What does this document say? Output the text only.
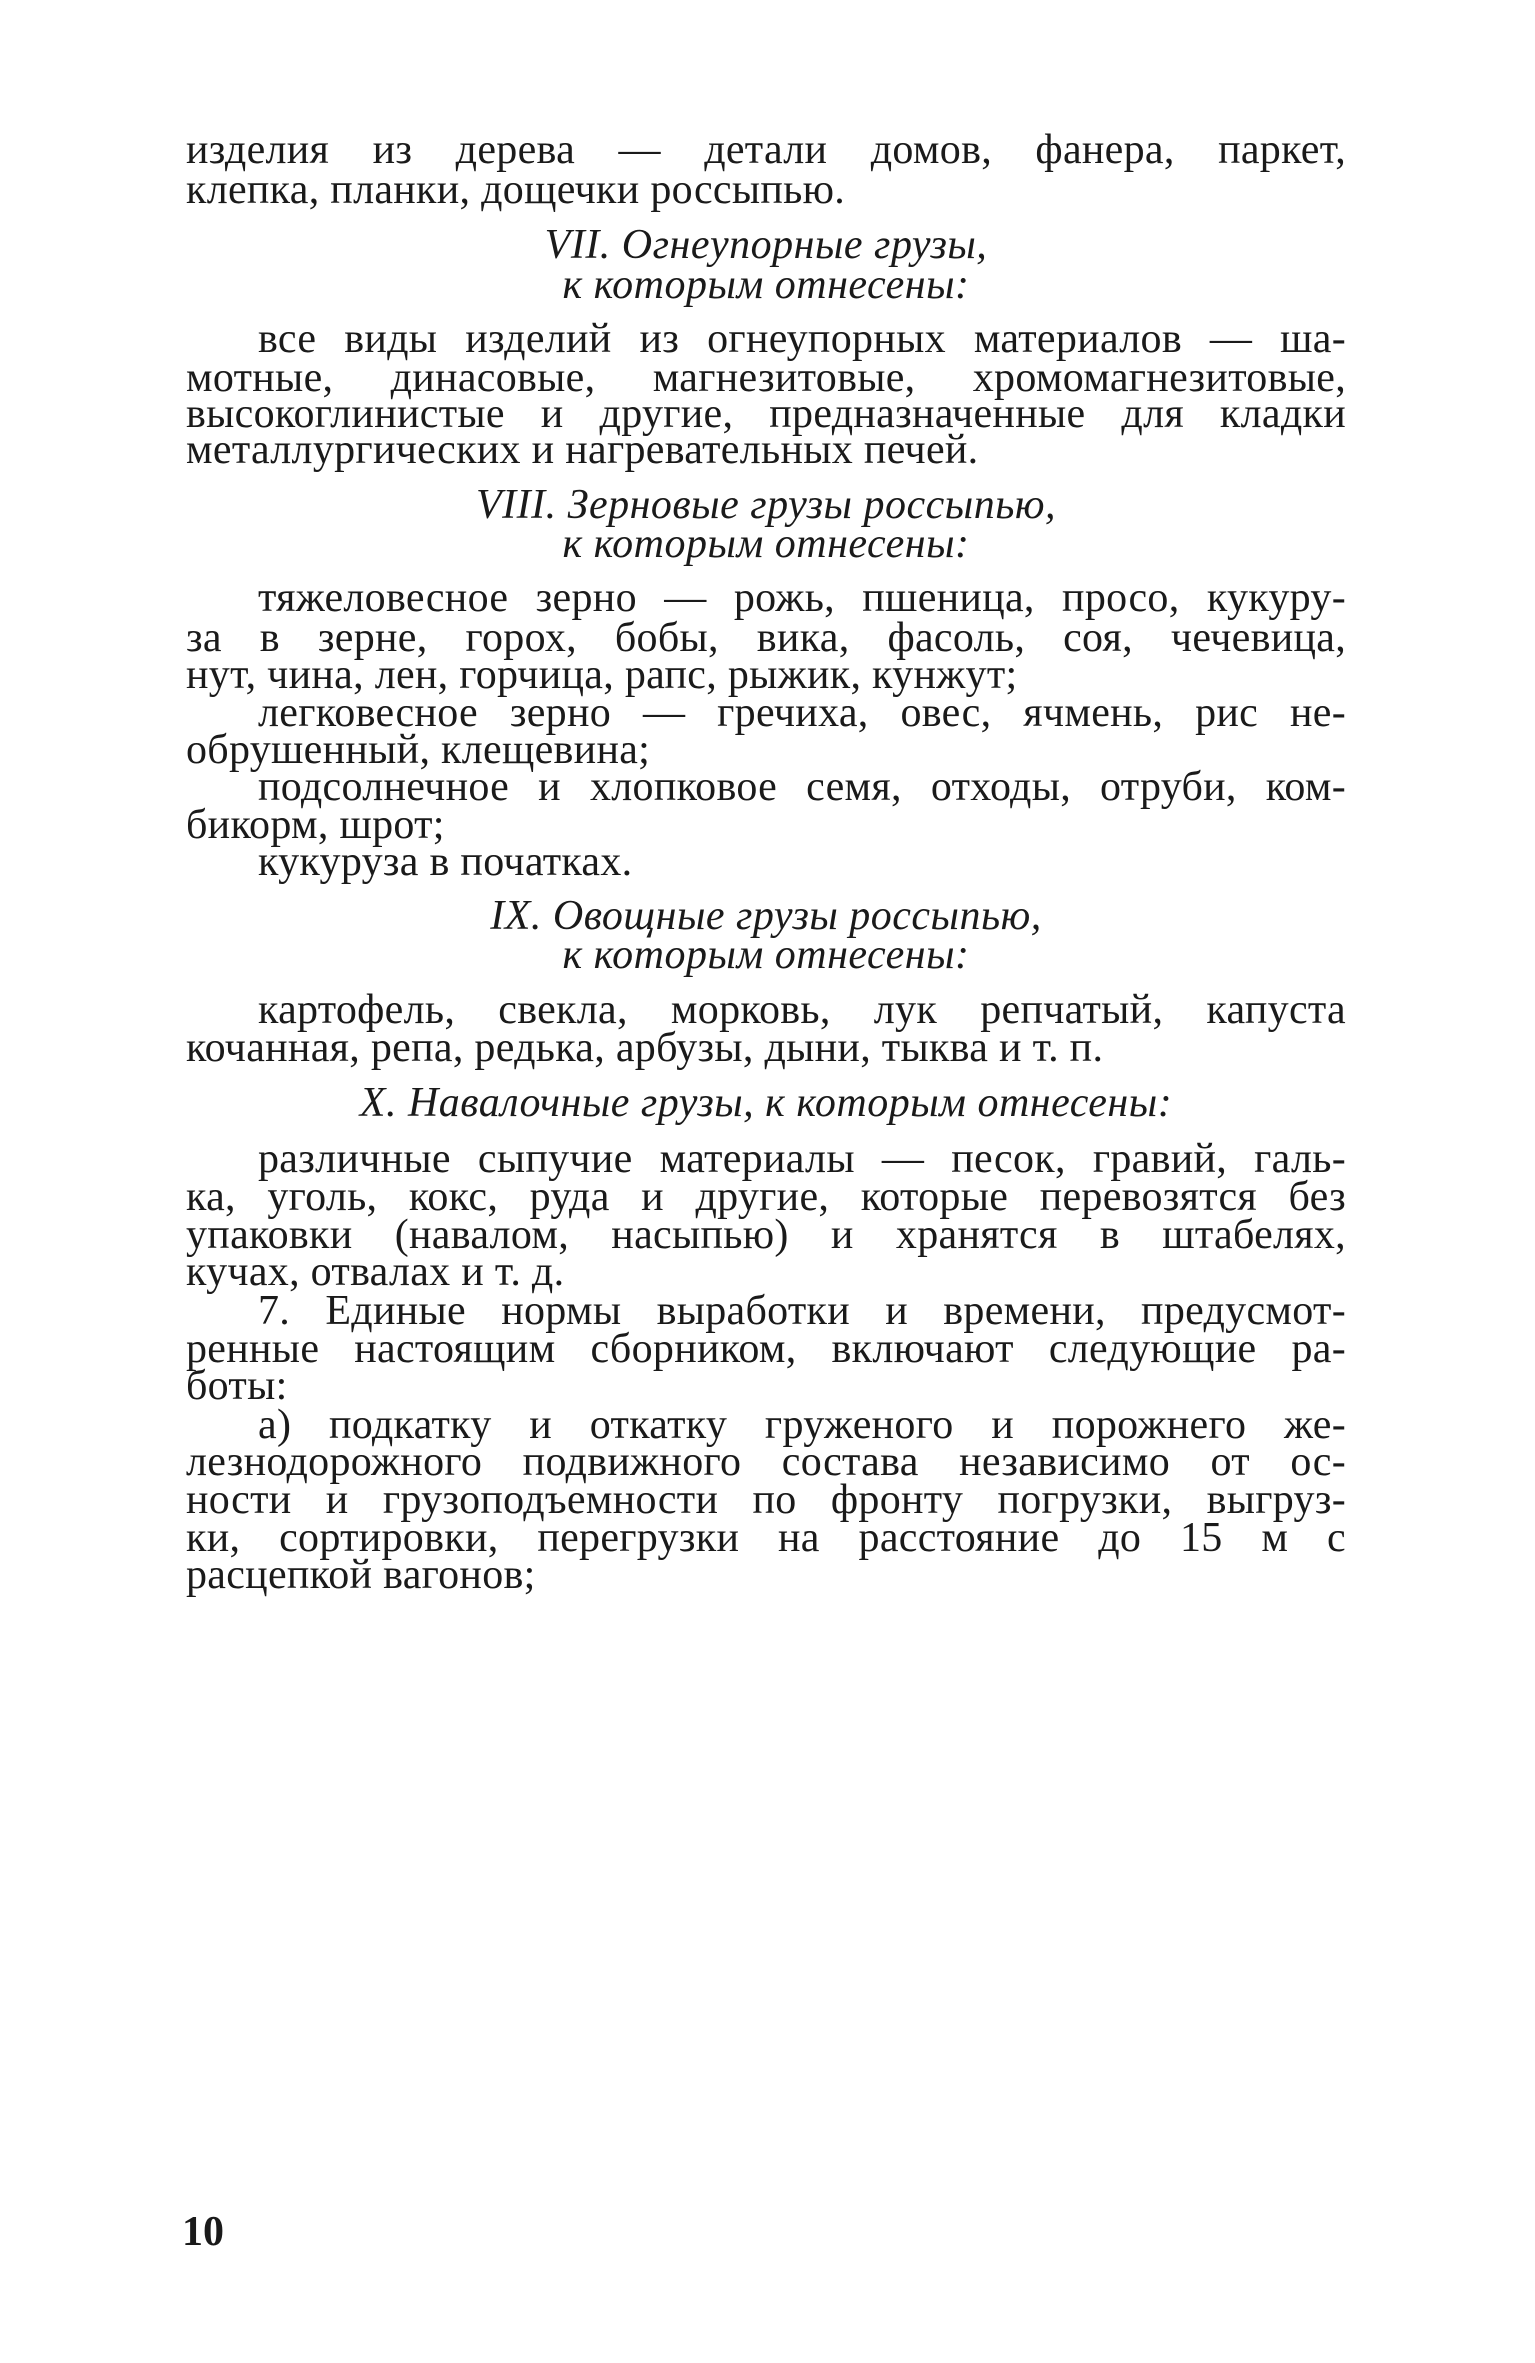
изделия из дерева — детали домов, фанера, паркет,
клепка, планки, дощечки россыпью.
VII. Огнеупорные грузы,
к которым отнесены:
все виды изделий из огнеупорных материалов — ша-
мотные, динасовые, магнезитовые, хромомагнезитовые,
высокоглинистые и другие, предназначенные для кладки
металлургических и нагревательных печей.
VIII. Зерновые грузы россыпью,
к которым отнесены:
тяжеловесное зерно — рожь, пшеница, просо, кукуру-
за в зерне, горох, бобы, вика, фасоль, соя, чечевица,
нут, чина, лен, горчица, рапс, рыжик, кунжут;
легковесное зерно — гречиха, овес, ячмень, рис не-
обрушенный, клещевина;
подсолнечное и хлопковое семя, отходы, отруби, ком-
бикорм, шрот;
кукуруза в початках.
IX. Овощные грузы россыпью,
к которым отнесены:
картофель, свекла, морковь, лук репчатый, капуста
кочанная, репа, редька, арбузы, дыни, тыква и т. п.
X. Навалочные грузы, к которым отнесены:
различные сыпучие материалы — песок, гравий, галь-
ка, уголь, кокс, руда и другие, которые перевозятся без
упаковки (навалом, насыпью) и хранятся в штабелях,
кучах, отвалах и т. д.
7. Единые нормы выработки и времени, предусмот-
ренные настоящим сборником, включают следующие ра-
боты:
а) подкатку и откатку груженого и порожнего же-
лезнодорожного подвижного состава независимо от ос-
ности и грузоподъемности по фронту погрузки, выгруз-
ки, сортировки, перегрузки на расстояние до 15 м с
расцепкой вагонов;
10
